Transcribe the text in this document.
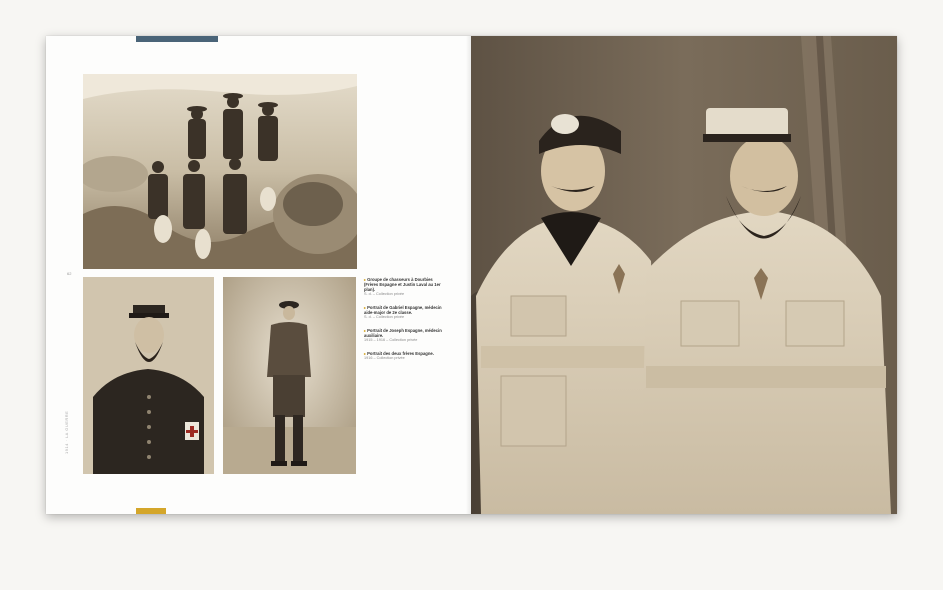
62
1914 · LA GUERRE
▸Groupe de chasseurs à Dourbies (Frères Espagne et Justin Laval au 1er plan).
S. d. – Collection privée
▸Portrait de Gabriel Espagne, médecin aide-major de 2e classe.
S. d. – Collection privée
▸Portrait de Joseph Espagne, médecin auxiliaire.
1915 – 1916 – Collection privée
▸Portrait des deux frères Espagne.
1916 – Collection privée
